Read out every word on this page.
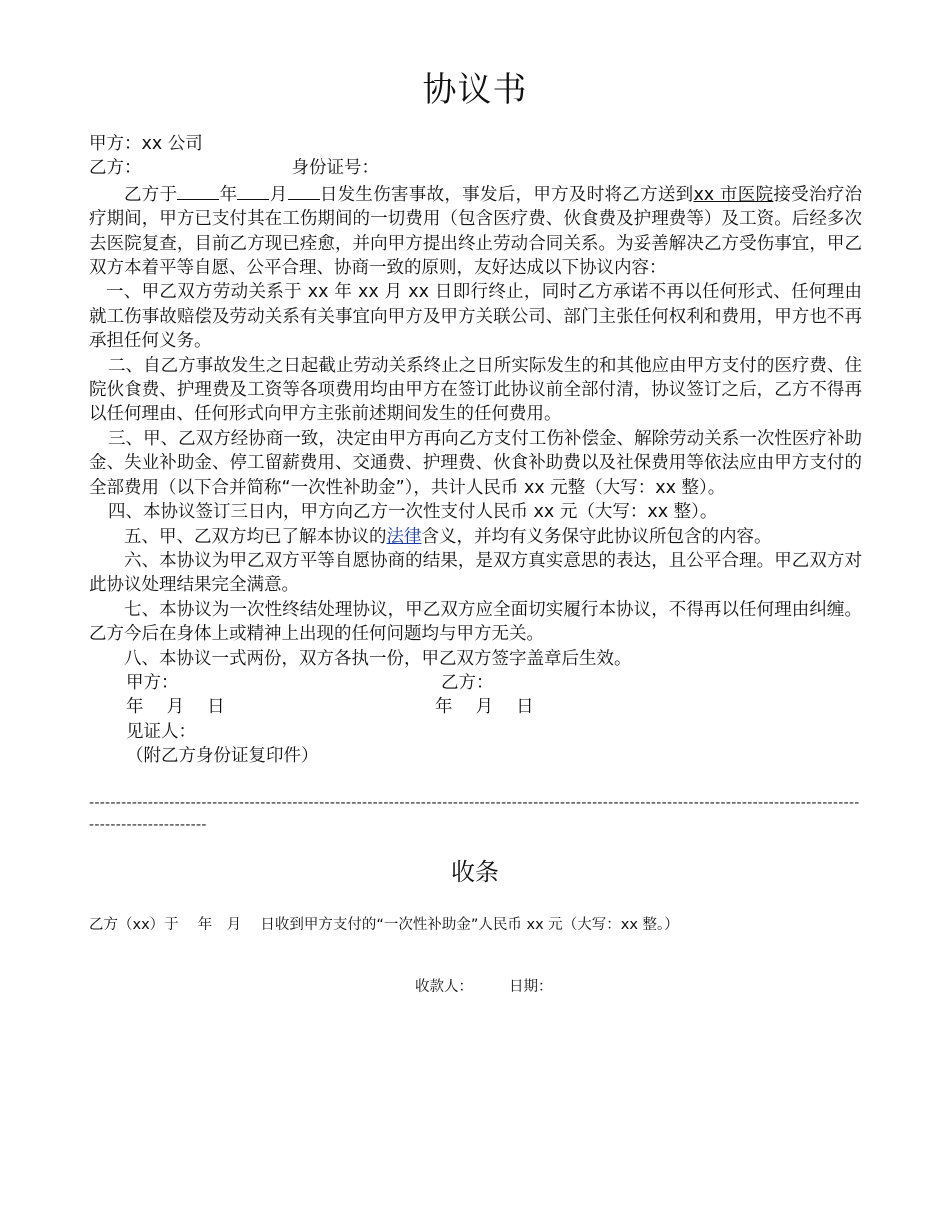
协议书

甲方：xx 公司

乙方：	身份证号：

乙方于 年 月 日发生伤害事故，事发后，甲方及时将乙方送到xx 市医院接受治疗治疗期间，甲方已支付其在工伤期间的一切费用（包含医疗费、伙食费及护理费等）及工资。后经多次去医院复查，目前乙方现已痊愈，并向甲方提出终止劳动合同关系。为妥善解决乙方受伤事宜，甲乙双方本着平等自愿、公平合理、协商一致的原则，友好达成以下协议内容：

一、甲乙双方劳动关系于 xx 年 xx 月 xx 日即行终止，同时乙方承诺不再以任何形式、任何理由就工伤事故赔偿及劳动关系有关事宜向甲方及甲方关联公司、部门主张任何权利和费用，甲方也不再承担任何义务。

二、自乙方事故发生之日起截止劳动关系终止之日所实际发生的和其他应由甲方支付的医疗费、住院伙食费、护理费及工资等各项费用均由甲方在签订此协议前全部付清，协议签订之后，乙方不得再以任何理由、任何形式向甲方主张前述期间发生的任何费用。

三、甲、乙双方经协商一致，决定由甲方再向乙方支付工伤补偿金、解除劳动关系一次性医疗补助金、失业补助金、停工留薪费用、交通费、护理费、伙食补助费以及社保费用等依法应由甲方支付的全部费用（以下合并简称“一次性补助金”），共计人民币 xx 元整（大写：xx 整）。

四、本协议签订三日内，甲方向乙方一次性支付人民币 xx 元（大写：xx 整）。

五、甲、乙双方均已了解本协议的法律含义，并均有义务保守此协议所包含的内容。

六、本协议为甲乙双方平等自愿协商的结果，是双方真实意思的表达，且公平合理。甲乙双方对此协议处理结果完全满意。

七、本协议为一次性终结处理协议，甲乙双方应全面切实履行本协议，不得再以任何理由纠缠。乙方今后在身体上或精神上出现的任何问题均与甲方无关。

八、本协议一式两份，双方各执一份，甲乙双方签字盖章后生效。

甲方：	乙方：
年　 月　 日	年　 月　 日
见证人：
（附乙方身份证复印件）
----------------------------------------------------------------------------------------------------------------------------------------------------------------------
收条
乙方（xx）于　 年　月　 日收到甲方支付的“一次性补助金”人民币 xx 元（大写：xx 整。）
收款人： 日期：
